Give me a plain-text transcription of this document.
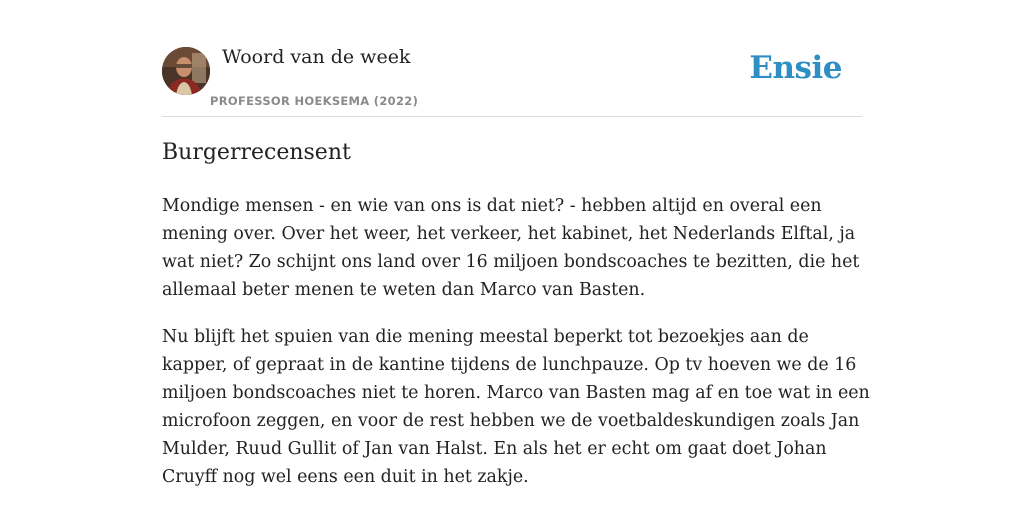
Woord van de week
PROFESSOR HOEKSEMA (2022)
Ensie
Burgerrecensent

Mondige mensen - en wie van ons is dat niet? - hebben altijd en overal een mening over. Over het weer, het verkeer, het kabinet, het Nederlands Elftal, ja wat niet? Zo schijnt ons land over 16 miljoen bondscoaches te bezitten, die het allemaal beter menen te weten dan Marco van Basten.

Nu blijft het spuien van die mening meestal beperkt tot bezoekjes aan de kapper, of gepraat in de kantine tijdens de lunchpauze. Op tv hoeven we de 16 miljoen bondscoaches niet te horen. Marco van Basten mag af en toe wat in een microfoon zeggen, en voor de rest hebben we de voetbaldeskundigen zoals Jan Mulder, Ruud Gullit of Jan van Halst. En als het er echt om gaat doet Johan Cruyff nog wel eens een duit in het zakje.
